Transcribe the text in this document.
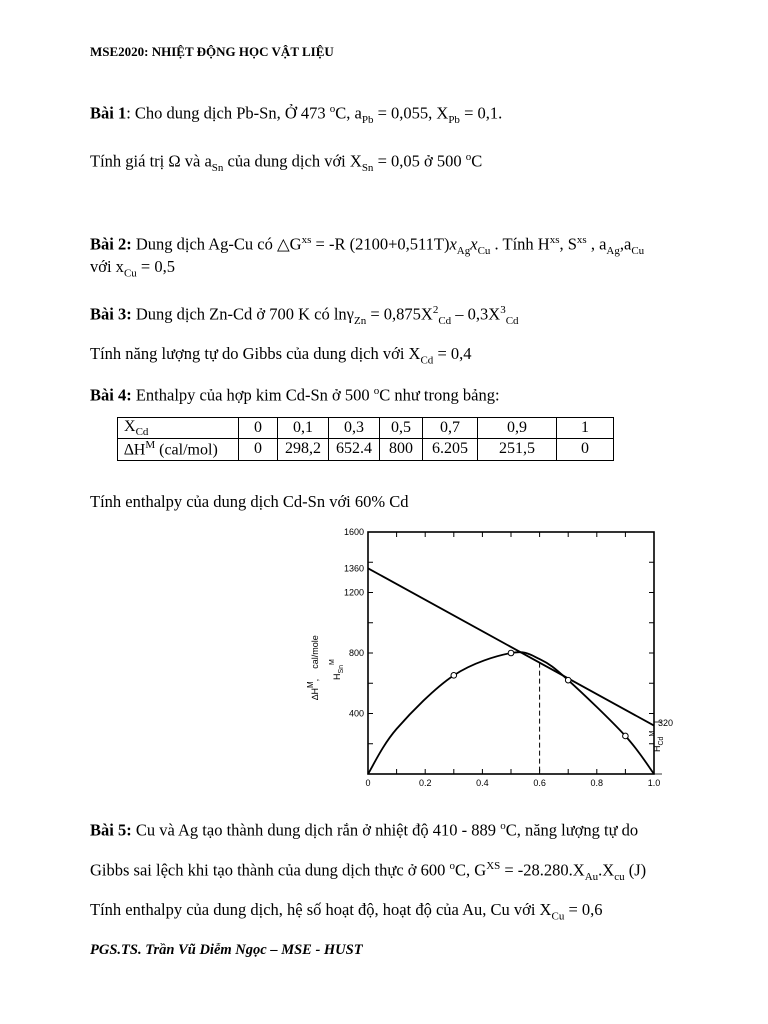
MSE2020: NHIỆT ĐỘNG HỌC VẬT LIỆU
Bài 1: Cho dung dịch Pb-Sn, Ở 473 $^o$C, $a_{Pb} = 0,055$, $X_{Pb} = 0,1$.
Tính giá trị Ω và $a_{Sn}$ của dung dịch với $X_{Sn} = 0,05$ ở 500 $^o$C
Bài 2: Dung dịch Ag-Cu có $\triangle G^{xs} = -R$ $(2100+0,511T)x_{Ag}x_{Cu}$ . Tính $H^{xs}$, $S^{xs}$ , $a_{Ag},a_{Cu}$
với $x_{Cu} = 0,5$
Bài 3: Dung dịch Zn-Cd ở 700 K có $\ln\gamma_{Zn} = 0,875X^2_{Cd} - 0,3X^3_{Cd}$
Tính năng lượng tự do Gibbs của dung dịch với $X_{Cd} = 0,4$
Bài 4: Enthalpy của hợp kim Cd-Sn ở 500 $^o$C như trong bảng:
$X_{Cd}$	0	0,1	0,3	0,5	0,7	0,9	1
$\Delta H^M$ (cal/mol)	0	298,2	652.4	800	6.205	251,5	0
Tính enthalpy của dung dịch Cd-Sn với 60% Cd
1600
1360
1200
800
400
0	0.2	0.4	0.6	0.8	1.0
∆HM,cal/mole
$H_{Sn}^M$
320
$H_{Cd}^M$
Bài 5: Cu và Ag tạo thành dung dịch rắn ở nhiệt độ 410 - 889 $^o$C, năng lượng tự do
Gibbs sai lệch khi tạo thành của dung dịch thực ở 600 $^o$C, $G^{XS} = -28.280.X_{Au}.X_{cu}$ (J)
Tính enthalpy của dung dịch, hệ số hoạt độ, hoạt độ của Au, Cu với $X_{Cu} = 0,6$
PGS.TS. Trần Vũ Diễm Ngọc – MSE - HUST
